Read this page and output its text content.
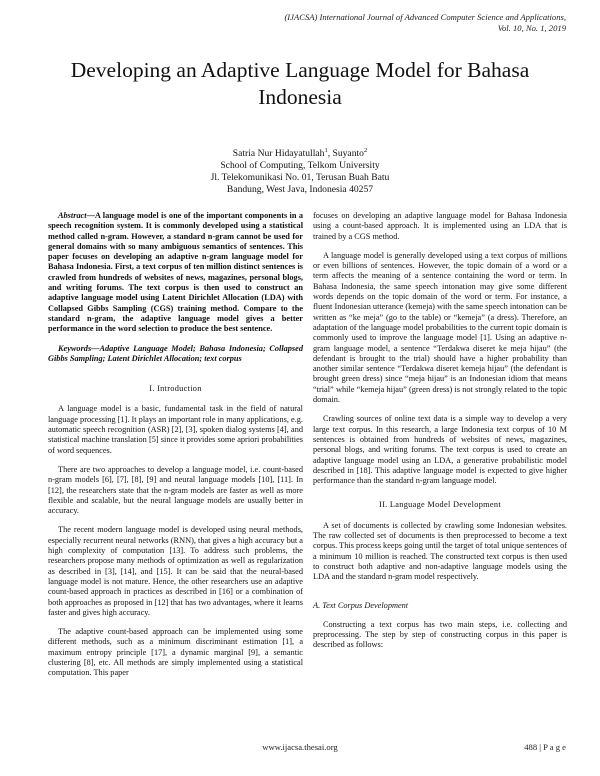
(IJACSA) International Journal of Advanced Computer Science and Applications,
Vol. 10, No. 1, 2019
Developing an Adaptive Language Model for Bahasa Indonesia
Satria Nur Hidayatullah$^1$, Suyanto$^2$
School of Computing, Telkom University
Jl. Telekomunikasi No. 01, Terusan Buah Batu
Bandung, West Java, Indonesia 40257

Abstract—A language model is one of the important components in a speech recognition system. It is commonly developed using a statistical method called n-gram. However, a standard n-gram cannot be used for general domains with so many ambiguous semantics of sentences. This paper focuses on developing an adaptive n-gram language model for Bahasa Indonesia. First, a text corpus of ten million distinct sentences is crawled from hundreds of websites of news, magazines, personal blogs, and writing forums. The text corpus is then used to construct an adaptive language model using Latent Dirichlet Allocation (LDA) with Collapsed Gibbs Sampling (CGS) training method. Compare to the standard n-gram, the adaptive language model gives a better performance in the word selection to produce the best sentence.

Keywords—Adaptive Language Model; Bahasa Indonesia; Collapsed Gibbs Sampling; Latent Dirichlet Allocation; text corpus

I. Introduction

A language model is a basic, fundamental task in the field of natural language processing [1]. It plays an important role in many applications, e.g. automatic speech recognition (ASR) [2], [3], spoken dialog systems [4], and statistical machine translation [5] since it provides some apriori probabilities of word sequences.

There are two approaches to develop a language model, i.e. count-based n-gram models [6], [7], [8], [9] and neural language models [10], [11]. In [12], the researchers state that the n-gram models are faster as well as more flexible and scalable, but the neural language models are usually better in accuracy.

The recent modern language model is developed using neural methods, especially recurrent neural networks (RNN), that gives a high accuracy but a high complexity of computation [13]. To address such problems, the researchers propose many methods of optimization as well as regularization as described in [3], [14], and [15]. It can be said that the neural-based language model is not mature. Hence, the other researchers use an adaptive count-based approach in practices as described in [16] or a combination of both approaches as proposed in [12] that has two advantages, where it learns faster and gives high accuracy.

The adaptive count-based approach can be implemented using some different methods, such as a minimum discriminant estimation [1], a maximum entropy principle [17], a dynamic marginal [9], a semantic clustering [8], etc. All methods are simply implemented using a statistical computation. This paper

focuses on developing an adaptive language model for Bahasa Indonesia using a count-based approach. It is implemented using an LDA that is trained by a CGS method.

A language model is generally developed using a text corpus of millions or even billions of sentences. However, the topic domain of a word or a term affects the meaning of a sentence containing the word or term. In Bahasa Indonesia, the same speech intonation may give some different words depends on the topic domain of the word or term. For instance, a fluent Indonesian utterance (kemeja) with the same speech intonation can be written as “ke meja” (go to the table) or “kemeja” (a dress). Therefore, an adaptation of the language model probabilities to the current topic domain is commonly used to improve the language model [1]. Using an adaptive n-gram language model, a sentence “Terdakwa diseret ke meja hijau” (the defendant is brought to the trial) should have a higher probability than another similar sentence “Terdakwa diseret kemeja hijau” (the defendant is brought green dress) since “meja hijau” is an Indonesian idiom that means “trial” while “kemeja hijau” (green dress) is not strongly related to the topic domain.

Crawling sources of online text data is a simple way to develop a very large text corpus. In this research, a large Indonesia text corpus of 10 M sentences is obtained from hundreds of websites of news, magazines, personal blogs, and writing forums. The text corpus is used to create an adaptive language model using an LDA, a generative probabilistic model described in [18]. This adaptive language model is expected to give higher performance than the standard n-gram language model.

II. Language Model Development

A set of documents is collected by crawling some Indonesian websites. The raw collected set of documents is then preprocessed to become a text corpus. This process keeps going until the target of total unique sentences of a minimum 10 million is reached. The constructed text corpus is then used to construct both adaptive and non-adaptive language models using the LDA and the standard n-gram model respectively.

A. Text Corpus Development

Constructing a text corpus has two main steps, i.e. collecting and preprocessing. The step by step of constructing corpus in this paper is described as follows:

www.ijacsa.thesai.org	488 | P a g e
